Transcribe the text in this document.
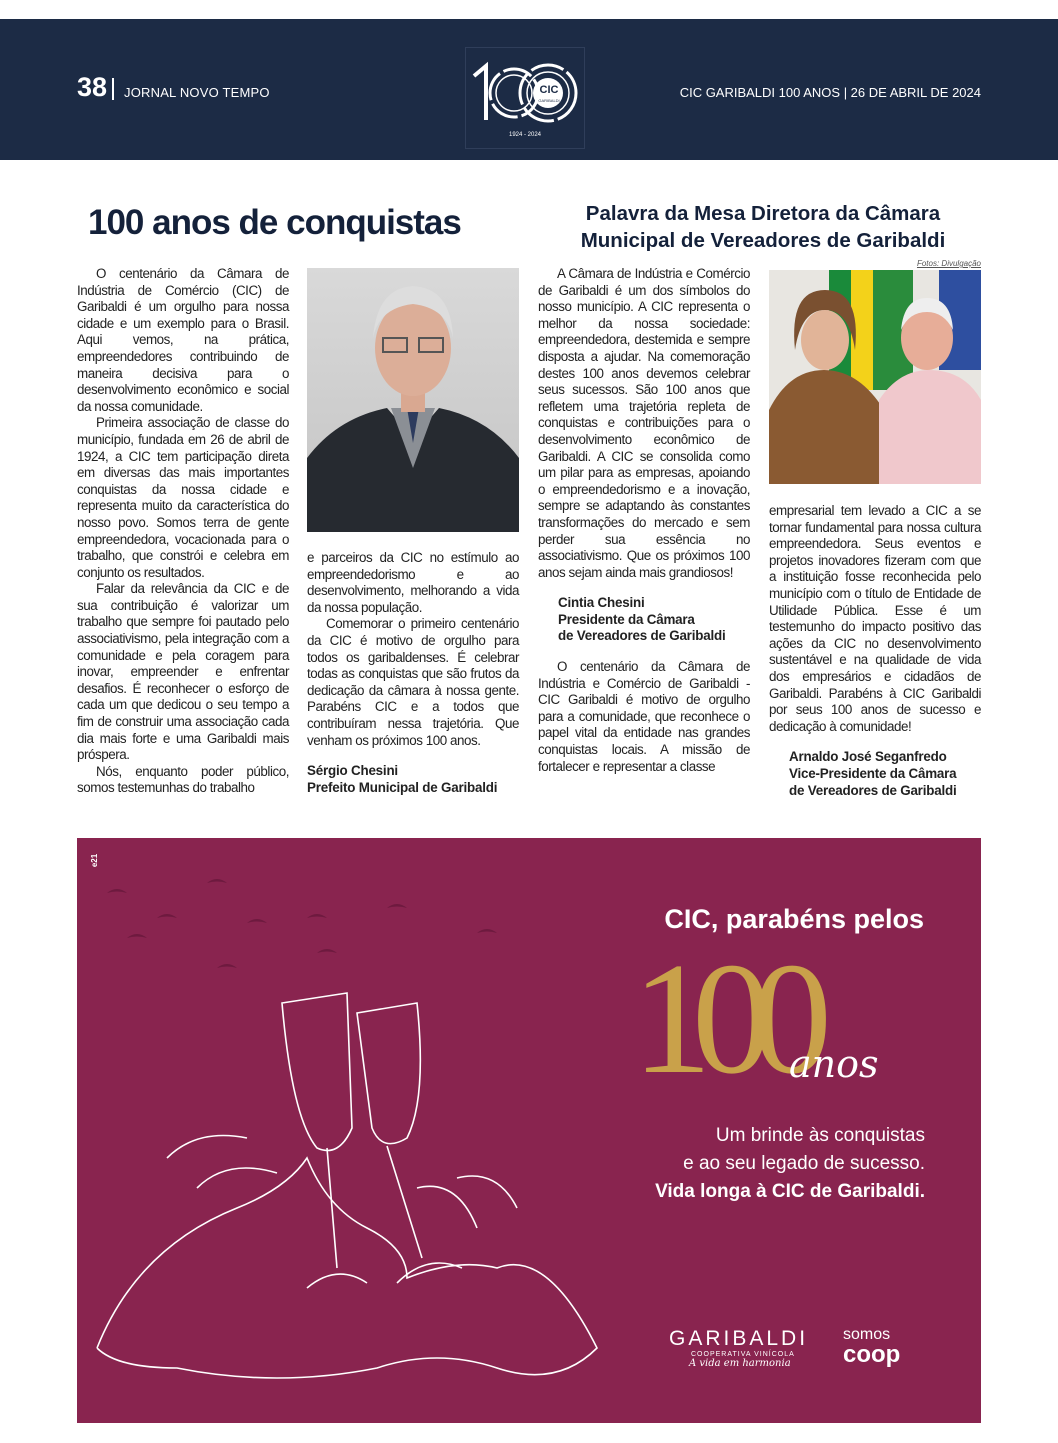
38 JORNAL NOVO TEMPO	CIC GARIBALDI 100 ANOS | 26 DE ABRIL DE 2024
CIC
GARIBALDI
1924 - 2024
100 anos de conquistas	Palavra da Mesa Diretora da Câmara Municipal de Vereadores de Garibaldi

O centenário da Câmara de Indústria de Comércio (CIC) de Garibaldi é um orgulho para nossa cidade e um exemplo para o Brasil. Aqui vemos, na prática, empreendedores contribuindo de maneira decisiva para o desenvolvimento econômico e social da nossa comunidade.

Primeira associação de classe do município, fundada em 26 de abril de 1924, a CIC tem participação direta em diversas das mais importantes conquistas da nossa cidade e representa muito da característica do nosso povo. Somos terra de gente empreendedora, vocacionada para o trabalho, que constrói e celebra em conjunto os resultados.

Falar da relevância da CIC e de sua contribuição é valorizar um trabalho que sempre foi pautado pelo associativismo, pela integração com a comunidade e pela coragem para inovar, empreender e enfrentar desafios. É reconhecer o esforço de cada um que dedicou o seu tempo a fim de construir uma associação cada dia mais forte e uma Garibaldi mais próspera.

Nós, enquanto poder público, somos testemunhas do trabalho

e parceiros da CIC no estímulo ao empreendedorismo e ao desenvolvimento, melhorando a vida da nossa população.

Comemorar o primeiro centenário da CIC é motivo de orgulho para todos os garibaldenses. É celebrar todas as conquistas que são frutos da dedicação da câmara à nossa gente. Parabéns CIC e a todos que contribuíram nessa trajetória. Que venham os próximos 100 anos.

Sérgio Chesini
Prefeito Municipal de Garibaldi

A Câmara de Indústria e Comércio de Garibaldi é um dos símbolos do nosso município. A CIC representa o melhor da nossa sociedade: empreendedora, destemida e sempre disposta a ajudar. Na comemoração destes 100 anos devemos celebrar seus sucessos. São 100 anos que refletem uma trajetória repleta de conquistas e contribuições para o desenvolvimento econômico de Garibaldi. A CIC se consolida como um pilar para as empresas, apoiando o empreendedorismo e a inovação, sempre se adaptando às constantes transformações do mercado e sem perder sua essência no associativismo. Que os próximos 100 anos sejam ainda mais grandiosos!

Cintia Chesini
Presidente da Câmara
de Vereadores de Garibaldi

O centenário da Câmara de Indústria e Comércio de Garibaldi - CIC Garibaldi é motivo de orgulho para a comunidade, que reconhece o papel vital da entidade nas grandes conquistas locais. A missão de fortalecer e representar a classe

Fotos: Divulgação

empresarial tem levado a CIC a se tornar fundamental para nossa cultura empreendedora. Seus eventos e projetos inovadores fizeram com que a instituição fosse reconhecida pelo município com o título de Entidade de Utilidade Pública. Esse é um testemunho do impacto positivo das ações da CIC no desenvolvimento sustentável e na qualidade de vida dos empresários e cidadãos de Garibaldi. Parabéns à CIC Garibaldi por seus 100 anos de sucesso e dedicação à comunidade!

Arnaldo José Seganfredo
Vice-Presidente da Câmara
de Vereadores de Garibaldi
e21
CIC, parabéns pelos
100
anos
Um brinde às conquistas
e ao seu legado de sucesso.
Vida longa à CIC de Garibaldi.
GARIBALDI
COOPERATIVA VINÍCOLA
A vida em harmonia
somos
coop
